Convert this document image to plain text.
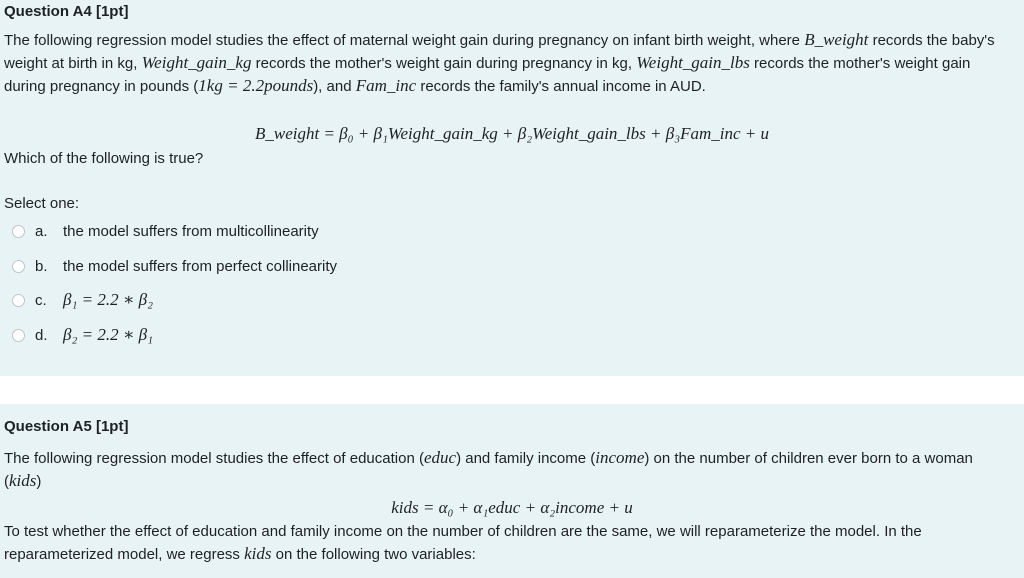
Question A4 [1pt]
The following regression model studies the effect of maternal weight gain during pregnancy on infant birth weight, where B_weight records the baby's weight at birth in kg, Weight_gain_kg records the mother's weight gain during pregnancy in kg, Weight_gain_lbs records the mother's weight gain during pregnancy in pounds (1kg = 2.2pounds), and Fam_inc records the family's annual income in AUD.
B_weight = β₀ + β₁Weight_gain_kg + β₂Weight_gain_lbs + β₃Fam_inc + u
Which of the following is true?
Select one:
a.	the model suffers from multicollinearity
b.	the model suffers from perfect collinearity
c. β₁ = 2.2 ∗ β₂
d. β₂ = 2.2 ∗ β₁
Question A5 [1pt]
The following regression model studies the effect of education (educ) and family income (income) on the number of children ever born to a woman (kids)
kids = α₀ + α₁educ + α₂income + u
To test whether the effect of education and family income on the number of children are the same, we will reparameterize the model. In the reparameterized model, we regress kids on the following two variables:
